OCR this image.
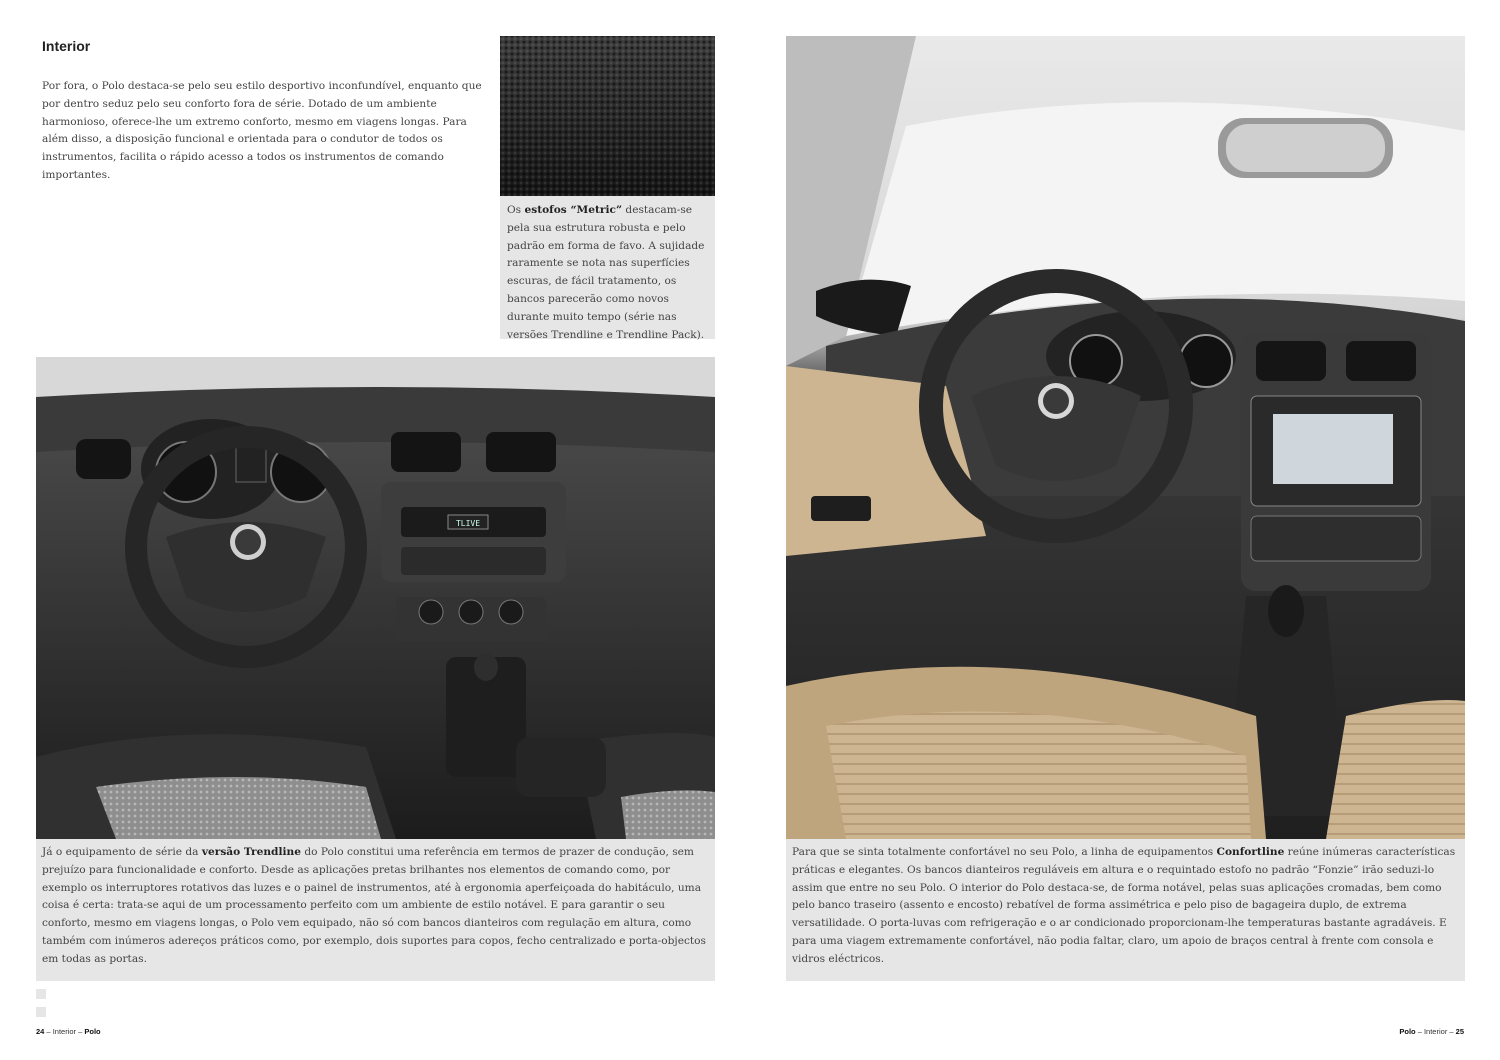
Interior

Por fora, o Polo destaca-se pelo seu estilo desportivo inconfundível, enquanto que por dentro seduz pelo seu conforto fora de série. Dotado de um ambiente harmonioso, oferece-lhe um extremo conforto, mesmo em viagens longas. Para além disso, a disposição funcional e orientada para o condutor de todos os instrumentos, facilita o rápido acesso a todos os instrumentos de comando importantes.

Os estofos “Metric” destacam-se pela sua estrutura robusta e pelo padrão em forma de favo. A sujidade raramente se nota nas superfícies escuras, de fácil tratamento, os bancos parecerão como novos durante muito tempo (série nas versões Trendline e Trendline Pack).

TLIVE

Já o equipamento de série da versão Trendline do Polo constitui uma referência em termos de prazer de condução, sem prejuízo para funcionalidade e conforto. Desde as aplicações pretas brilhantes nos elementos de comando como, por exemplo os interruptores rotativos das luzes e o painel de instrumentos, até à ergonomia aperfeiçoada do habitáculo, uma coisa é certa: trata-se aqui de um processamento perfeito com um ambiente de estilo notável. E para garantir o seu conforto, mesmo em viagens longas, o Polo vem equipado, não só com bancos dianteiros com regulação em altura, como também com inúmeros adereços práticos como, por exemplo, dois suportes para copos, fecho centralizado e porta-objectos em todas as portas.

24 – Interior – Polo

Para que se sinta totalmente confortável no seu Polo, a linha de equipamentos Confortline reúne inúmeras características práticas e elegantes. Os bancos dianteiros reguláveis em altura e o requintado estofo no padrão “Fonzie” irão seduzi-lo assim que entre no seu Polo. O interior do Polo destaca-se, de forma notável, pelas suas aplicações cromadas, bem como pelo banco traseiro (assento e encosto) rebatível de forma assimétrica e pelo piso de bagageira duplo, de extrema versatilidade. O porta-luvas com refrigeração e o ar condicionado proporcionam-lhe temperaturas bastante agradáveis. E para uma viagem extremamente confortável, não podia faltar, claro, um apoio de braços central à frente com consola e vidros eléctricos.

Polo – Interior – 25
